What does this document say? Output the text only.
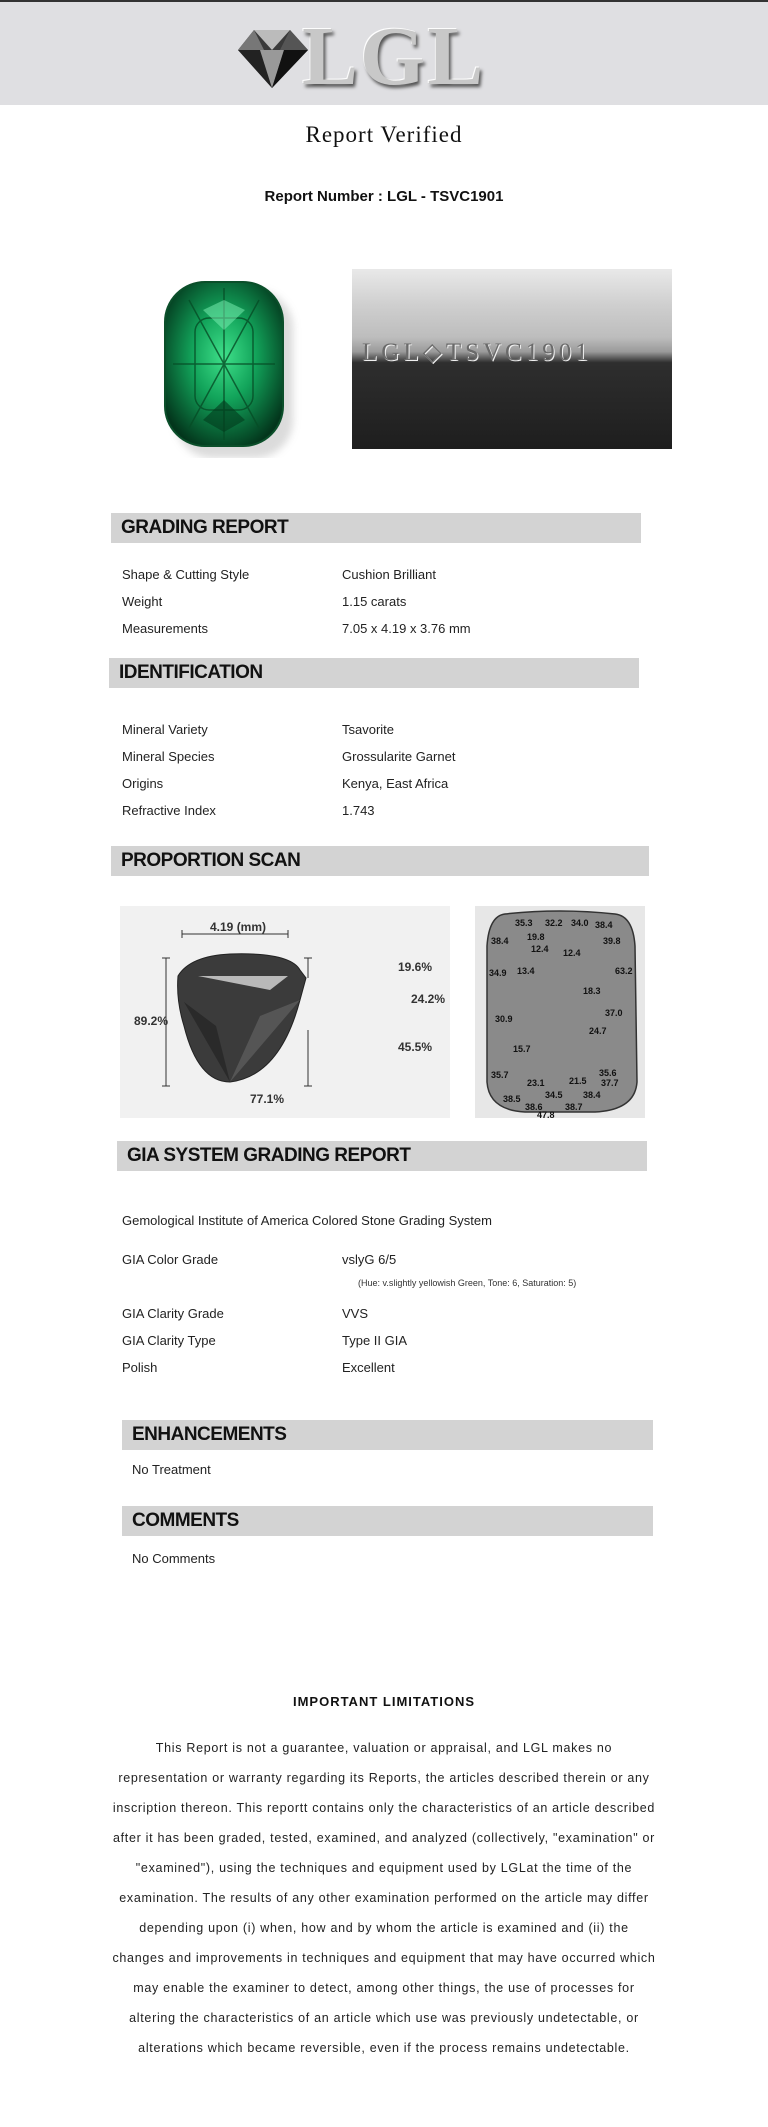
LGL
Report Verified
Report Number : LGL - TSVC1901
LGL◇TSVC1901
GRADING REPORT
Shape & Cutting Style	Cushion Brilliant
Weight	1.15 carats
Measurements	7.05 x 4.19 x 3.76 mm
IDENTIFICATION
Mineral Variety	Tsavorite
Mineral Species	Grossularite Garnet
Origins	Kenya, East Africa
Refractive Index	1.743
PROPORTION SCAN
4.19 (mm)
89.2%
19.6%
24.2%
45.5%
77.1%
35.3 32.2 34.0 38.4
38.4 19.8	39.8
12.4 12.4
34.9 13.4	63.2
18.3
30.9
37.0
24.7
15.7
35.7	35.6
23.1	21.5 37.7
38.5	34.5 38.4
38.6 38.7
47.8
GIA SYSTEM GRADING REPORT
Gemological Institute of America Colored Stone Grading System
GIA Color Grade	vslyG 6/5
(Hue: v.slightly yellowish Green, Tone: 6, Saturation: 5)
GIA Clarity Grade	VVS
GIA Clarity Type	Type II GIA
Polish	Excellent
ENHANCEMENTS
No Treatment
COMMENTS
No Comments
IMPORTANT LIMITATIONS
This Report is not a guarantee, valuation or appraisal, and LGL makes no representation or warranty regarding its Reports, the articles described therein or any inscription thereon. This reportt contains only the characteristics of an article described after it has been graded, tested, examined, and analyzed (collectively, "examination" or "examined"), using the techniques and equipment used by LGLat the time of the examination. The results of any other examination performed on the article may differ depending upon (i) when, how and by whom the article is examined and (ii) the changes and improvements in techniques and equipment that may have occurred which may enable the examiner to detect, among other things, the use of processes for altering the characteristics of an article which use was previously undetectable, or alterations which became reversible, even if the process remains undetectable.
